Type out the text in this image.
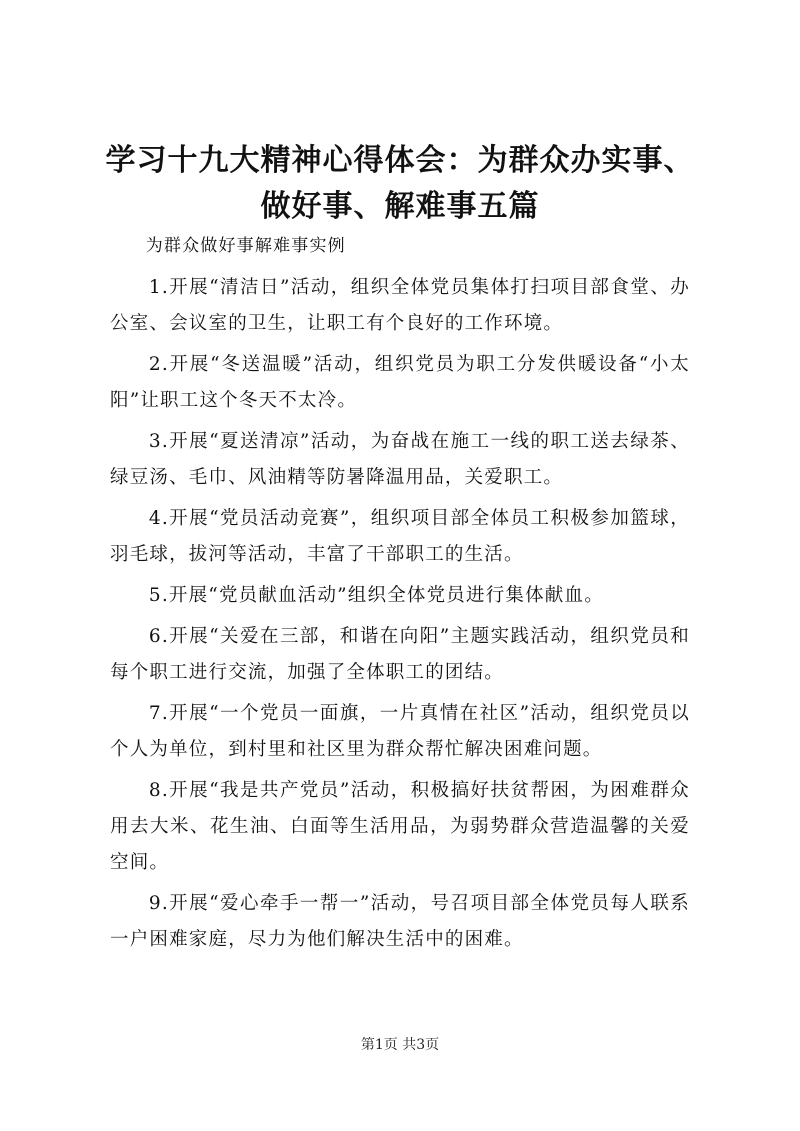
学习十九大精神心得体会：为群众办实事、做好事、解难事五篇

为群众做好事解难事实例

1.开展“清洁日”活动，组织全体党员集体打扫项目部食堂、办公室、会议室的卫生，让职工有个良好的工作环境。

2.开展“冬送温暖”活动，组织党员为职工分发供暖设备“小太阳”让职工这个冬天不太冷。

3.开展“夏送清凉”活动，为奋战在施工一线的职工送去绿茶、绿豆汤、毛巾、风油精等防暑降温用品，关爱职工。

4.开展“党员活动竞赛”，组织项目部全体员工积极参加篮球，羽毛球，拔河等活动，丰富了干部职工的生活。

5.开展“党员献血活动”组织全体党员进行集体献血。

6.开展“关爱在三部，和谐在向阳”主题实践活动，组织党员和每个职工进行交流，加强了全体职工的团结。

7.开展“一个党员一面旗，一片真情在社区”活动，组织党员以个人为单位，到村里和社区里为群众帮忙解决困难问题。

8.开展“我是共产党员”活动，积极搞好扶贫帮困，为困难群众用去大米、花生油、白面等生活用品，为弱势群众营造温馨的关爱空间。

9.开展“爱心牵手一帮一”活动，号召项目部全体党员每人联系一户困难家庭，尽力为他们解决生活中的困难。

第1页 共3页
